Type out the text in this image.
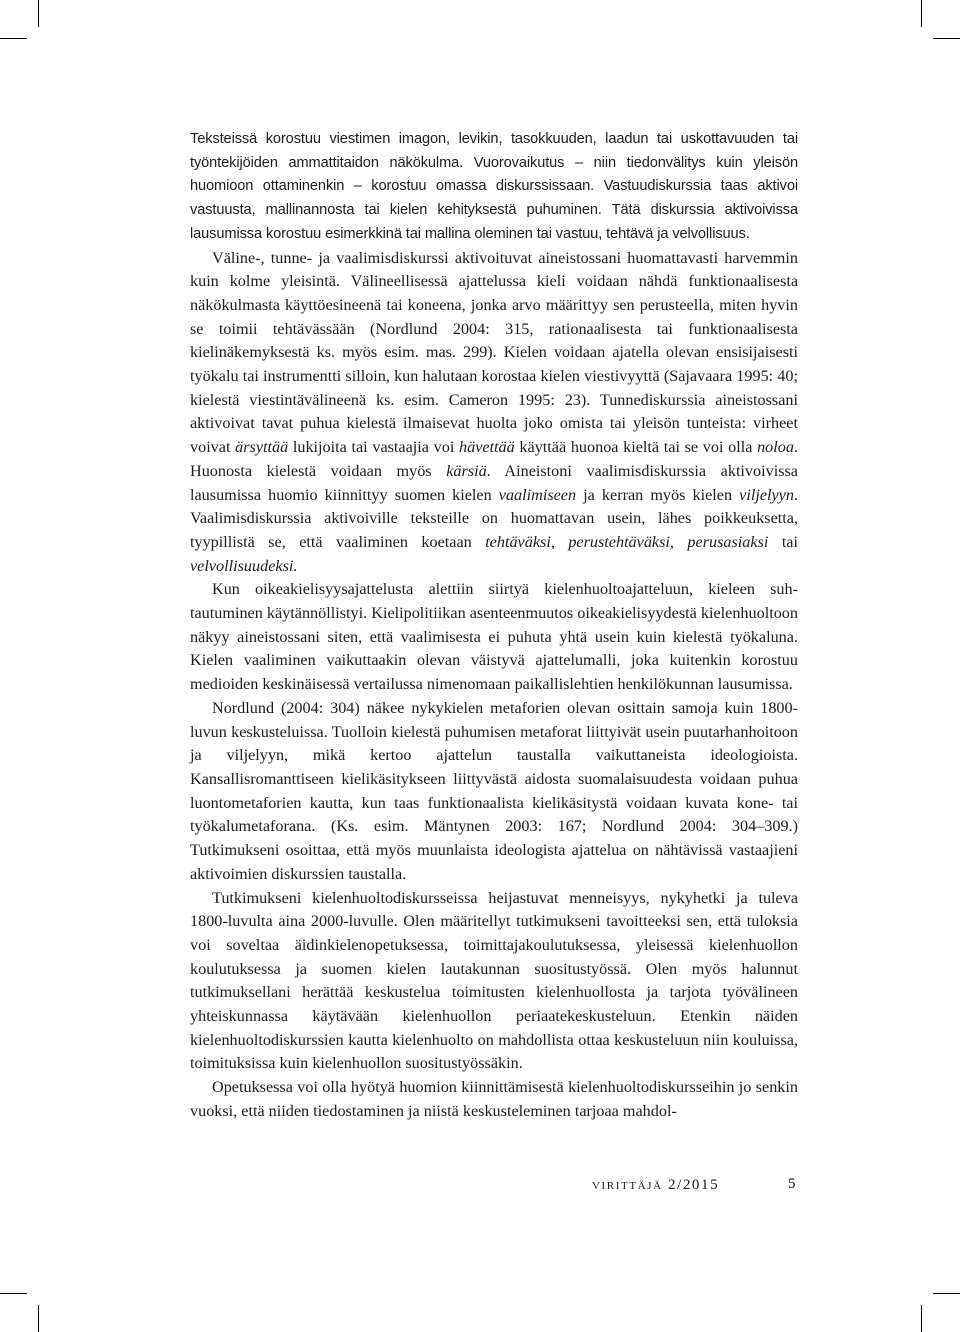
Teksteissä korostuu viestimen imagon, levikin, tasokkuuden, laadun tai uskottavuuden tai työntekijöiden ammattitaidon näkökulma. Vuorovaikutus – niin tiedonvälitys kuin yleisön huomioon ottaminenkin – korostuu omassa diskurssissaan. Vastuudiskurssia taas aktivoi vastuusta, mallinannosta tai kielen kehityksestä puhuminen. Tätä diskurssia aktivoivissa lausumissa korostuu esimerkkinä tai mallina oleminen tai vastuu, tehtävä ja velvollisuus.

Väline-, tunne- ja vaalimisdiskurssi aktivoituvat aineistossani huomattavasti harvemmin kuin kolme yleisintä. Välineellisessä ajattelussa kieli voidaan nähdä funktionaalisesta näkökulmasta käyttöesineenä tai koneena, jonka arvo määrittyy sen perusteella, miten hyvin se toimii tehtävässään (Nordlund 2004: 315, rationaalisesta tai funktionaalisesta kielinäkemyksestä ks. myös esim. mas. 299). Kielen voidaan ajatella olevan ensisijaisesti työkalu tai instrumentti silloin, kun halutaan korostaa kielen viestivyyttä (Sajavaara 1995: 40; kielestä viestintävälineenä ks. esim. Cameron 1995: 23). Tunnediskurssia aineistossani aktivoivat tavat puhua kielestä ilmaisevat huolta joko omista tai yleisön tunteista: virheet voivat ärsyttää lukijoita tai vastaajia voi hävettää käyttää huonoa kieltä tai se voi olla noloa. Huonosta kielestä voidaan myös kärsiä. Aineistoni vaalimisdiskurssia aktivoivissa lausumissa huomio kiinnittyy suomen kielen vaalimiseen ja kerran myös kielen viljelyyn. Vaalimisdiskurssia aktivoiville teksteille on huomattavan usein, lähes poikkeuksetta, tyypillistä se, että vaaliminen koetaan tehtäväksi, perustehtäväksi, perusasiaksi tai velvollisuudeksi.

Kun oikeakielisyysajattelusta alettiin siirtyä kielenhuoltoajatteluun, kieleen suhtautuminen käytännöllistyi. Kielipolitiikan asenteenmuutos oikeakielisyydestä kielenhuoltoon näkyy aineistossani siten, että vaalimisesta ei puhuta yhtä usein kuin kielestä työkaluna. Kielen vaaliminen vaikuttaakin olevan väistyvä ajattelumalli, joka kuitenkin korostuu medioiden keskinäisessä vertailussa nimenomaan paikallislehtien henkilökunnan lausumissa.

Nordlund (2004: 304) näkee nykykielen metaforien olevan osittain samoja kuin 1800-luvun keskusteluissa. Tuolloin kielestä puhumisen metaforat liittyivät usein puutarhanhoitoon ja viljelyyn, mikä kertoo ajattelun taustalla vaikuttaneista ideologioista. Kansallisromanttiseen kielikäsitykseen liittyvästä aidosta suomalaisuudesta voidaan puhua luontometaforien kautta, kun taas funktionaalista kielikäsitystä voidaan kuvata kone- tai työkalumetaforana. (Ks. esim. Mäntynen 2003: 167; Nordlund 2004: 304–309.) Tutkimukseni osoittaa, että myös muunlaista ideologista ajattelua on nähtävissä vastaajieni aktivoimien diskurssien taustalla.

Tutkimukseni kielenhuoltodiskursseissa heijastuvat menneisyys, nykyhetki ja tuleva 1800-luvulta aina 2000-luvulle. Olen määritellyt tutkimukseni tavoitteeksi sen, että tuloksia voi soveltaa äidinkielenopetuksessa, toimittajakoulutuksessa, yleisessä kielenhuollon koulutuksessa ja suomen kielen lautakunnan suositustyössä. Olen myös halunnut tutkimuksellani herättää keskustelua toimitusten kielenhuollosta ja tarjota työvälineen yhteiskunnassa käytävään kielenhuollon periaatekeskusteluun. Etenkin näiden kielenhuoltodiskurssien kautta kielenhuolto on mahdollista ottaa keskusteluun niin kouluissa, toimituksissa kuin kielenhuollon suositustyössäkin.

Opetuksessa voi olla hyötyä huomion kiinnittämisestä kielenhuoltodiskursseihin jo senkin vuoksi, että niiden tiedostaminen ja niistä keskusteleminen tarjoaa mahdol-

virittäjä 2/2015	5
